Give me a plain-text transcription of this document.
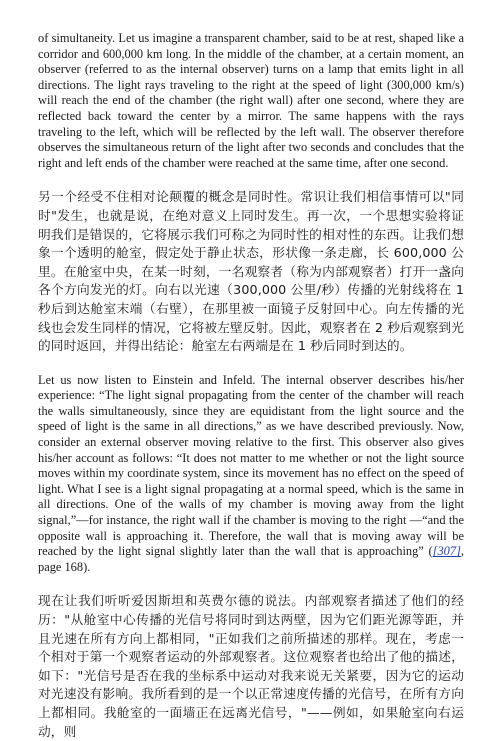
of simultaneity. Let us imagine a transparent chamber, said to be at rest, shaped like a corridor and 600,000 km long. In the middle of the chamber, at a certain moment, an observer (referred to as the internal observer) turns on a lamp that emits light in all directions. The light rays traveling to the right at the speed of light (300,000 km/s) will reach the end of the chamber (the right wall) after one second, where they are reflected back toward the center by a mirror. The same happens with the rays traveling to the left, which will be reflected by the left wall. The observer therefore observes the simultaneous return of the light after two seconds and concludes that the right and left ends of the chamber were reached at the same time, after one second.

另一个经受不住相对论颠覆的概念是同时性。常识让我们相信事情可以"同时"发生，也就是说，在绝对意义上同时发生。再一次，一个思想实验将证明我们是错误的，它将展示我们可称之为同时性的相对性的东西。让我们想象一个透明的舱室，假定处于静止状态，形状像一条走廊，长 600,000 公里。在舱室中央，在某一时刻，一名观察者（称为内部观察者）打开一盏向各个方向发光的灯。向右以光速（300,000 公里/秒）传播的光射线将在 1 秒后到达舱室末端（右壁），在那里被一面镜子反射回中心。向左传播的光线也会发生同样的情况，它将被左壁反射。因此，观察者在 2 秒后观察到光的同时返回，并得出结论：舱室左右两端是在 1 秒后同时到达的。

Let us now listen to Einstein and Infeld. The internal observer describes his/her experience: “The light signal propagating from the center of the chamber will reach the walls simultaneously, since they are equidistant from the light source and the speed of light is the same in all directions,” as we have described previously. Now, consider an external observer moving relative to the first. This observer also gives his/her account as follows: “It does not matter to me whether or not the light source moves within my coordinate system, since its movement has no effect on the speed of light. What I see is a light signal propagating at a normal speed, which is the same in all directions. One of the walls of my chamber is moving away from the light signal,”—for instance, the right wall if the chamber is moving to the right —“and the opposite wall is approaching it. Therefore, the wall that is moving away will be reached by the light signal slightly later than the wall that is approaching” ([307], page 168).

现在让我们听听爱因斯坦和英费尔德的说法。内部观察者描述了他们的经历："从舱室中心传播的光信号将同时到达两壁，因为它们距光源等距，并且光速在所有方向上都相同，"正如我们之前所描述的那样。现在，考虑一个相对于第一个观察者运动的外部观察者。这位观察者也给出了他的描述，如下："光信号是否在我的坐标系中运动对我来说无关紧要，因为它的运动对光速没有影响。我所看到的是一个以正常速度传播的光信号，在所有方向上都相同。我舱室的一面墙正在远离光信号，"——例如，如果舱室向右运动，则
